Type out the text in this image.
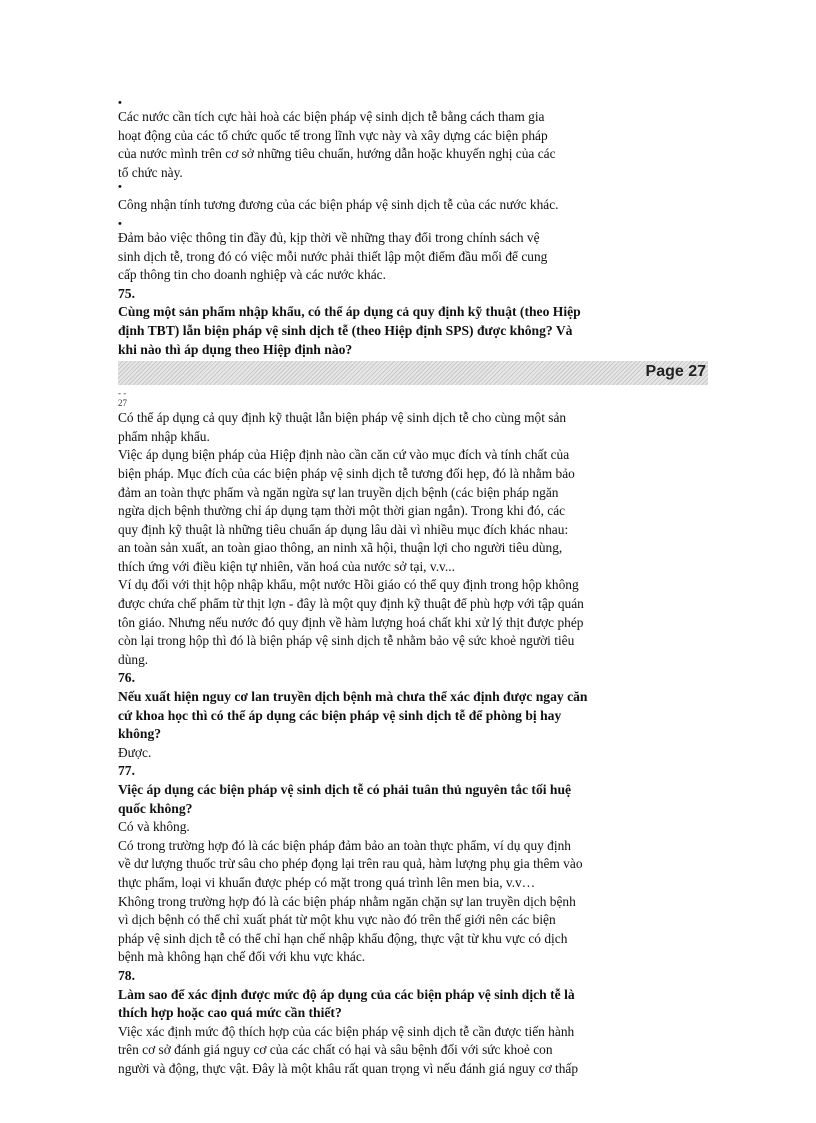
•
Các nước cần tích cực hài hoà các biện pháp vệ sinh dịch tễ bằng cách tham gia
hoạt động của các tổ chức quốc tế trong lĩnh vực này và xây dựng các biện pháp
của nước mình trên cơ sở những tiêu chuẩn, hướng dẫn hoặc khuyến nghị của các
tổ chức này.
•
Công nhận tính tương đương của các biện pháp vệ sinh dịch tễ của các nước khác.
•
Đảm bảo việc thông tin đầy đủ, kịp thời về những thay đổi trong chính sách vệ
sinh dịch tễ, trong đó có việc mỗi nước phải thiết lập một điểm đầu mối để cung
cấp thông tin cho doanh nghiệp và các nước khác.
75.
Cùng một sản phẩm nhập khẩu, có thể áp dụng cả quy định kỹ thuật (theo Hiệp
định TBT) lẫn biện pháp vệ sinh dịch tễ (theo Hiệp định SPS) được không? Và
khi nào thì áp dụng theo Hiệp định nào?
Page 27
- -
27
Có thể áp dụng cả quy định kỹ thuật lẫn biện pháp vệ sinh dịch tễ cho cùng một sản
phẩm nhập khẩu.
Việc áp dụng biện pháp của Hiệp định nào cần căn cứ vào mục đích và tính chất của
biện pháp. Mục đích của các biện pháp vệ sinh dịch tễ tương đối hẹp, đó là nhằm bảo
đảm an toàn thực phẩm và ngăn ngừa sự lan truyền dịch bệnh (các biện pháp ngăn
ngừa dịch bệnh thường chỉ áp dụng tạm thời một thời gian ngắn). Trong khi đó, các
quy định kỹ thuật là những tiêu chuẩn áp dụng lâu dài vì nhiều mục đích khác nhau:
an toàn sản xuất, an toàn giao thông, an ninh xã hội, thuận lợi cho người tiêu dùng,
thích ứng với điều kiện tự nhiên, văn hoá của nước sở tại, v.v...
Ví dụ đối với thịt hộp nhập khẩu, một nước Hồi giáo có thể quy định trong hộp không
được chứa chế phẩm từ thịt lợn - đây là một quy định kỹ thuật để phù hợp với tập quán
tôn giáo. Nhưng nếu nước đó quy định về hàm lượng hoá chất khi xử lý thịt được phép
còn lại trong hộp thì đó là biện pháp vệ sinh dịch tễ nhằm bảo vệ sức khoẻ người tiêu
dùng.
76.
Nếu xuất hiện nguy cơ lan truyền dịch bệnh mà chưa thể xác định được ngay căn
cứ khoa học thì có thể áp dụng các biện pháp vệ sinh dịch tễ để phòng bị hay
không?
Được.
77.
Việc áp dụng các biện pháp vệ sinh dịch tễ có phải tuân thủ nguyên tắc tối huệ
quốc không?
Có và không.
Có trong trường hợp đó là các biện pháp đảm bảo an toàn thực phẩm, ví dụ quy định
về dư lượng thuốc trừ sâu cho phép đọng lại trên rau quả, hàm lượng phụ gia thêm vào
thực phẩm, loại vi khuẩn được phép có mặt trong quá trình lên men bia, v.v…
Không trong trường hợp đó là các biện pháp nhằm ngăn chặn sự lan truyền dịch bệnh
vì dịch bệnh có thể chỉ xuất phát từ một khu vực nào đó trên thế giới nên các biện
pháp vệ sinh dịch tễ có thể chỉ hạn chế nhập khẩu động, thực vật từ khu vực có dịch
bệnh mà không hạn chế đối với khu vực khác.
78.
Làm sao để xác định được mức độ áp dụng của các biện pháp vệ sinh dịch tễ là
thích hợp hoặc cao quá mức cần thiết?
Việc xác định mức độ thích hợp của các biện pháp vệ sinh dịch tễ cần được tiến hành
trên cơ sở đánh giá nguy cơ của các chất có hại và sâu bệnh đối với sức khoẻ con
người và động, thực vật. Đây là một khâu rất quan trọng vì nếu đánh giá nguy cơ thấp
